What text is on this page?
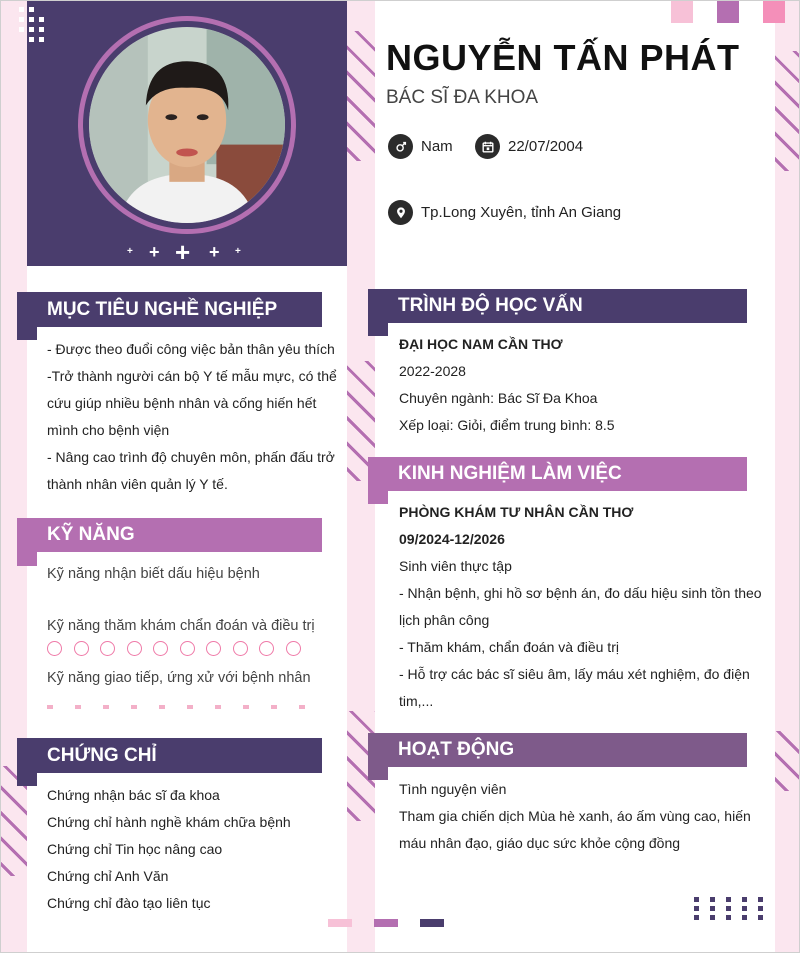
+ + + + +
NGUYỄN TẤN PHÁT
BÁC SĨ ĐA KHOA
Nam	22/07/2004
Tp.Long Xuyên, tỉnh An Giang
MỤC TIÊU NGHỀ NGHIỆP

- Được theo đuổi công việc bản thân yêu thích

-Trở thành người cán bộ Y tế mẫu mực, có thể

cứu giúp nhiều bệnh nhân và cống hiến hết

mình cho bệnh viện

- Nâng cao trình độ chuyên môn, phấn đấu trở

thành nhân viên quản lý Y tế.

KỸ NĂNG
Kỹ năng nhận biết dấu hiệu bệnh
Kỹ năng thăm khám chẩn đoán và điều trị
Kỹ năng giao tiếp, ứng xử với bệnh nhân
CHỨNG CHỈ

Chứng nhận bác sĩ đa khoa

Chứng chỉ hành nghề khám chữa bệnh

Chứng chỉ Tin học nâng cao

Chứng chỉ Anh Văn

Chứng chỉ đào tạo liên tục

TRÌNH ĐỘ HỌC VẤN

ĐẠI HỌC NAM CẦN THƠ

2022-2028

Chuyên ngành: Bác Sĩ Đa Khoa

Xếp loại: Giỏi, điểm trung bình: 8.5

KINH NGHIỆM LÀM VIỆC

PHÒNG KHÁM TƯ NHÂN CẦN THƠ

09/2024-12/2026

Sinh viên thực tập

- Nhận bệnh, ghi hồ sơ bệnh án, đo dấu hiệu sinh tồn theo

lịch phân công

- Thăm khám, chẩn đoán và điều trị

- Hỗ trợ các bác sĩ siêu âm, lấy máu xét nghiệm, đo điện

tim,...

HOẠT ĐỘNG

Tình nguyện viên

Tham gia chiến dịch Mùa hè xanh, áo ấm vùng cao, hiến

máu nhân đạo, giáo dục sức khỏe cộng đồng
